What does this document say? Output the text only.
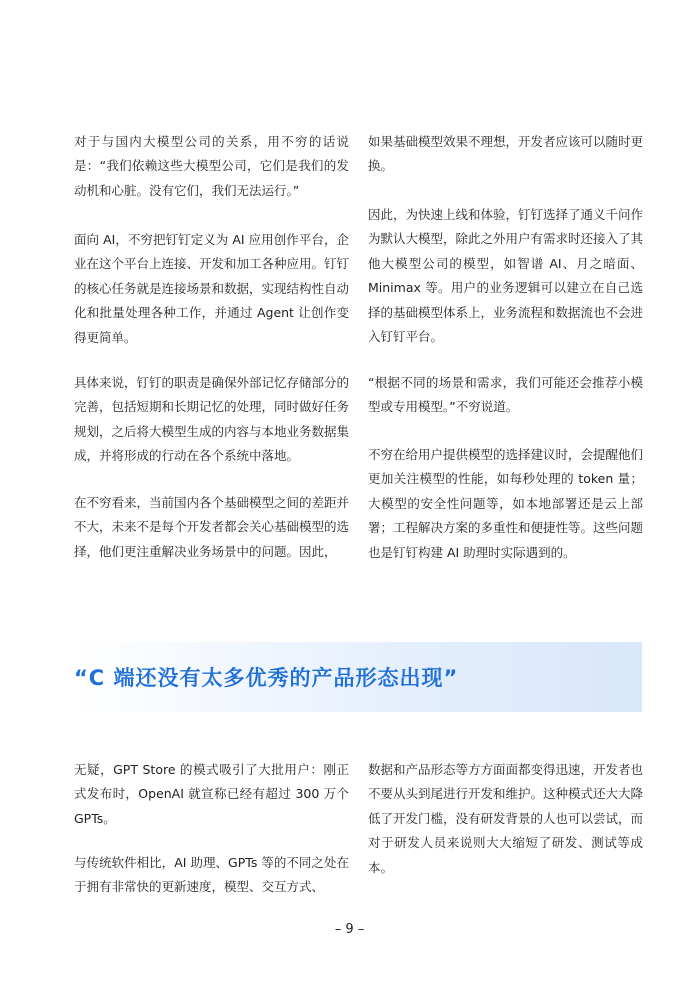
对于与国内大模型公司的关系，用不穷的话说是：“我们依赖这些大模型公司，它们是我们的发动机和心脏。没有它们，我们无法运行。”

面向 AI，不穷把钉钉定义为 AI 应用创作平台，企业在这个平台上连接、开发和加工各种应用。钉钉的核心任务就是连接场景和数据，实现结构性自动化和批量处理各种工作，并通过 Agent 让创作变得更简单。

具体来说，钉钉的职责是确保外部记忆存储部分的完善，包括短期和长期记忆的处理，同时做好任务规划，之后将大模型生成的内容与本地业务数据集成，并将形成的行动在各个系统中落地。

在不穷看来，当前国内各个基础模型之间的差距并不大，未来不是每个开发者都会关心基础模型的选择，他们更注重解决业务场景中的问题。因此，

如果基础模型效果不理想，开发者应该可以随时更换。

因此，为快速上线和体验，钉钉选择了通义千问作为默认大模型，除此之外用户有需求时还接入了其他大模型公司的模型，如智谱 AI、月之暗面、Minimax 等。用户的业务逻辑可以建立在自己选择的基础模型体系上，业务流程和数据流也不会进入钉钉平台。

“根据不同的场景和需求，我们可能还会推荐小模型或专用模型。”不穷说道。

不穷在给用户提供模型的选择建议时，会提醒他们更加关注模型的性能，如每秒处理的 token 量；大模型的安全性问题等，如本地部署还是云上部署；工程解决方案的多重性和便捷性等。这些问题也是钉钉构建 AI 助理时实际遇到的。

“C 端还没有太多优秀的产品形态出现”

无疑，GPT Store 的模式吸引了大批用户：刚正式发布时，OpenAI 就宣称已经有超过 300 万个 GPTs。

与传统软件相比，AI 助理、GPTs 等的不同之处在于拥有非常快的更新速度，模型、交互方式、

数据和产品形态等方方面面都变得迅速，开发者也不要从头到尾进行开发和维护。这种模式还大大降低了开发门槛，没有研发背景的人也可以尝试，而对于研发人员来说则大大缩短了研发、测试等成本。

– 9 –
